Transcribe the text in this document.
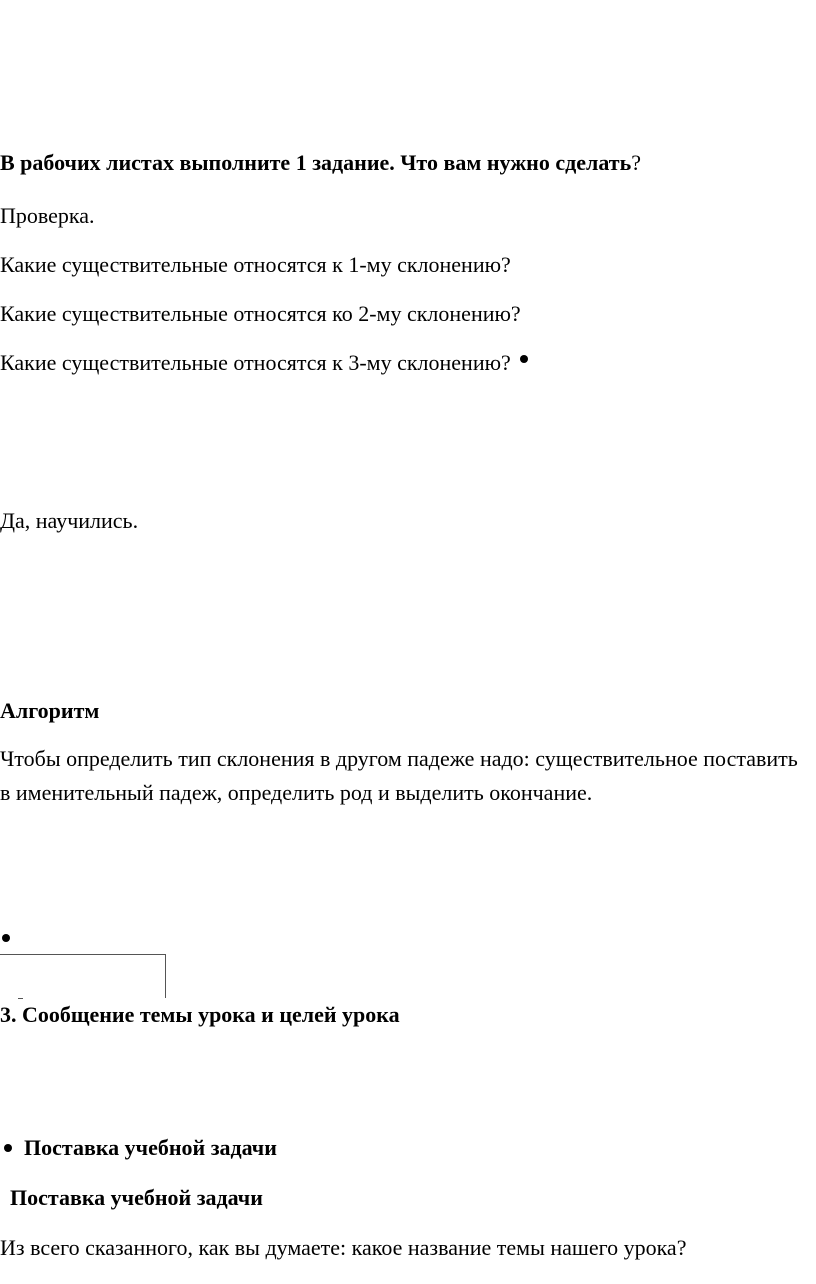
В рабочих листах выполните 1 задание. Что вам нужно сделать?
Проверка.
Какие существительные относятся к 1-му склонению?
Какие существительные относятся ко 2-му склонению?
Какие существительные относятся к 3-му склонению?
Да, научились.
Алгоритм
Чтобы определить тип склонения в другом падеже надо: существительное поставить в именительный падеж, определить род и выделить окончание.
3. Сообщение темы урока и целей урока
Поставка учебной задачи
Поставка учебной задачи
Из всего сказанного, как вы думаете: какое название темы нашего урока?
